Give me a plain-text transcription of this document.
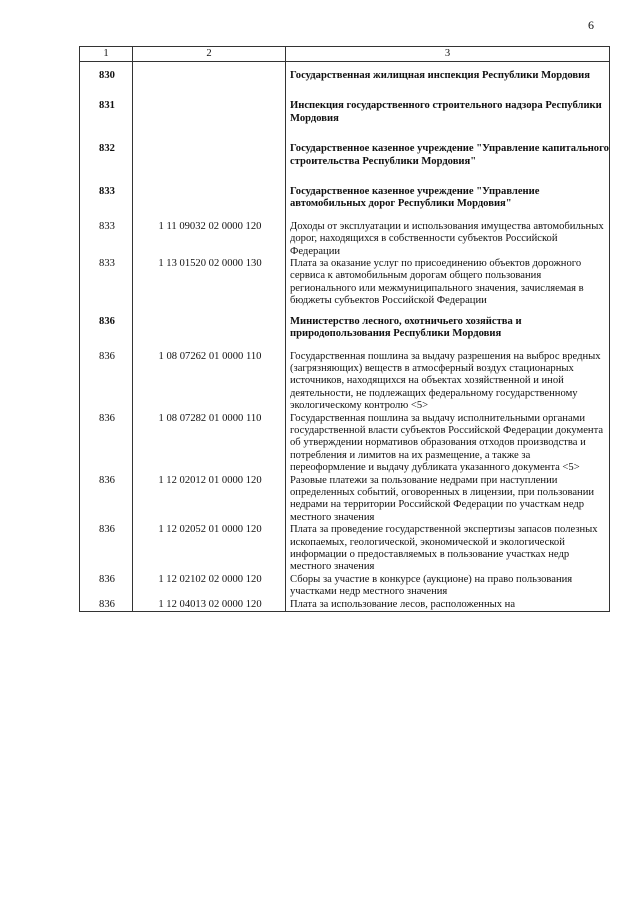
6
1	2	3
830		Государственная жилищная инспекция Республики Мордовия
831		Инспекция государственного строительного надзора Республики Мордовия
832		Государственное казенное учреждение "Управление капитального строительства Республики Мордовия"
833		Государственное казенное учреждение "Управление автомобильных дорог Республики Мордовия"
833	1 11 09032 02 0000 120	Доходы от эксплуатации и использования имущества автомобильных дорог, находящихся в собственности субъектов Российской Федерации
833	1 13 01520 02 0000 130	Плата за оказание услуг по присоединению объектов дорожного сервиса к автомобильным дорогам общего пользования регионального или межмуниципального значения, зачисляемая в бюджеты субъектов Российской Федерации
836		Министерство лесного, охотничьего хозяйства и природопользования Республики Мордовия
836	1 08 07262 01 0000 110	Государственная пошлина за выдачу разрешения на выброс вредных (загрязняющих) веществ в атмосферный воздух стационарных источников, находящихся на объектах хозяйственной и иной деятельности, не подлежащих федеральному государственному экологическому контролю <5>
836	1 08 07282 01 0000 110	Государственная пошлина за выдачу исполнительными органами государственной власти субъектов Российской Федерации документа об утверждении нормативов образования отходов производства и потребления и лимитов на их размещение, а также за переоформление и выдачу дубликата указанного документа <5>
836	1 12 02012 01 0000 120	Разовые платежи за пользование недрами при наступлении определенных событий, оговоренных в лицензии, при пользовании недрами на территории Российской Федерации по участкам недр местного значения
836	1 12 02052 01 0000 120	Плата за проведение государственной экспертизы запасов полезных ископаемых, геологической, экономической и экологической информации о предоставляемых в пользование участках недр местного значения
836	1 12 02102 02 0000 120	Сборы за участие в конкурсе (аукционе) на право пользования участками недр местного значения
836	1 12 04013 02 0000 120	Плата за использование лесов, расположенных на
